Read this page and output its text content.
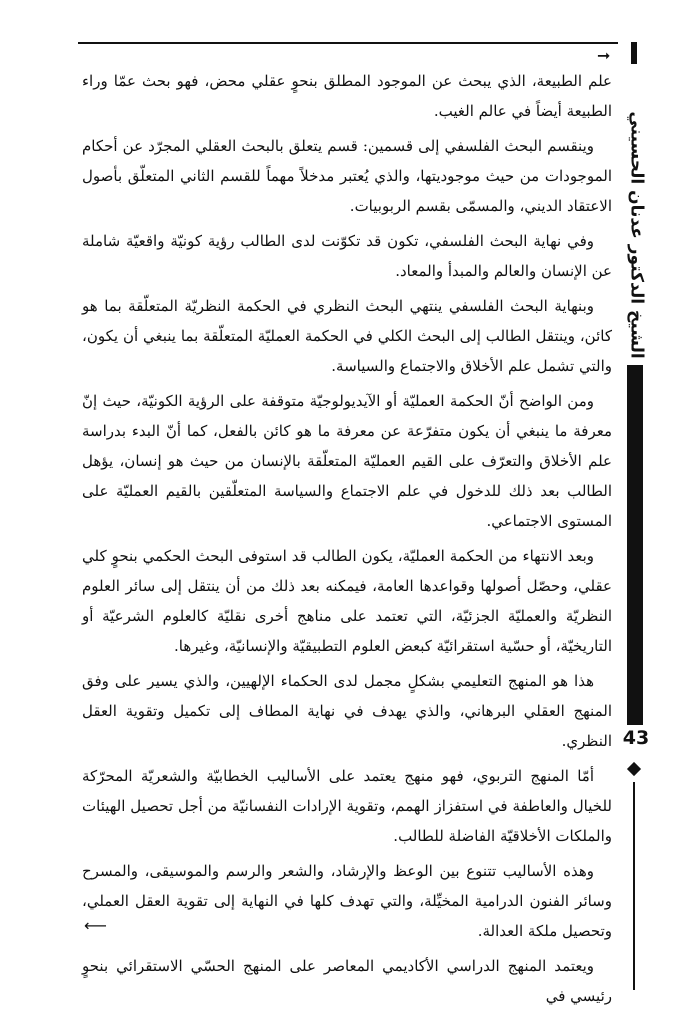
➞
الشيخ الدكتور عدنان الحسيني
43

علم الطبيعة، الذي يبحث عن الموجود المطلق بنحوٍ عقلي محض، فهو بحث عمّا وراء الطبيعة أيضاً في عالم الغيب.

وينقسم البحث الفلسفي إلى قسمين: قسم يتعلق بالبحث العقلي المجرّد عن أحكام الموجودات من حيث موجوديتها، والذي يُعتبر مدخلاً مهماً للقسم الثاني المتعلّق بأصول الاعتقاد الديني، والمسمّى بقسم الربوبيات.

وفي نهاية البحث الفلسفي، تكون قد تكوّنت لدى الطالب رؤية كونيّة واقعيّة شاملة عن الإنسان والعالم والمبدأ والمعاد.

وبنهاية البحث الفلسفي ينتهي البحث النظري في الحكمة النظريّة المتعلّقة بما هو كائن، وينتقل الطالب إلى البحث الكلي في الحكمة العمليّة المتعلّقة بما ينبغي أن يكون، والتي تشمل علم الأخلاق والاجتماع والسياسة.

ومن الواضح أنّ الحكمة العمليّة أو الآيديولوجيّة متوقفة على الرؤية الكونيّة، حيث إنّ معرفة ما ينبغي أن يكون متفرّعة عن معرفة ما هو كائن بالفعل، كما أنّ البدء بدراسة علم الأخلاق والتعرّف على القيم العمليّة المتعلّقة بالإنسان من حيث هو إنسان، يؤهل الطالب بعد ذلك للدخول في علم الاجتماع والسياسة المتعلّقين بالقيم العمليّة على المستوى الاجتماعي.

وبعد الانتهاء من الحكمة العمليّة، يكون الطالب قد استوفى البحث الحكمي بنحوٍ كلي عقلي، وحصّل أصولها وقواعدها العامة، فيمكنه بعد ذلك من أن ينتقل إلى سائر العلوم النظريّة والعمليّة الجزئيّة، التي تعتمد على مناهج أخرى نقليّة كالعلوم الشرعيّة أو التاريخيّة، أو حسّية استقرائيّة كبعض العلوم التطبيقيّة والإنسانيّة، وغيرها.

هذا هو المنهج التعليمي بشكلٍ مجمل لدى الحكماء الإلهيين، والذي يسير على وفق المنهج العقلي البرهاني، والذي يهدف في نهاية المطاف إلى تكميل وتقوية العقل النظري.

أمّا المنهج التربوي، فهو منهج يعتمد على الأساليب الخطابيّة والشعريّة المحرّكة للخيال والعاطفة في استفزاز الهمم، وتقوية الإرادات النفسانيّة من أجل تحصيل الهيئات والملكات الأخلاقيّة الفاضلة للطالب.

وهذه الأساليب تتنوع بين الوعظ والإرشاد، والشعر والرسم والموسيقى، والمسرح وسائر الفنون الدرامية المخيِّلة، والتي تهدف كلها في النهاية إلى تقوية العقل العملي، وتحصيل ملكة العدالة.

ويعتمد المنهج الدراسي الأكاديمي المعاصر على المنهج الحسّي الاستقرائي بنحوٍ رئيسي في

⟵
